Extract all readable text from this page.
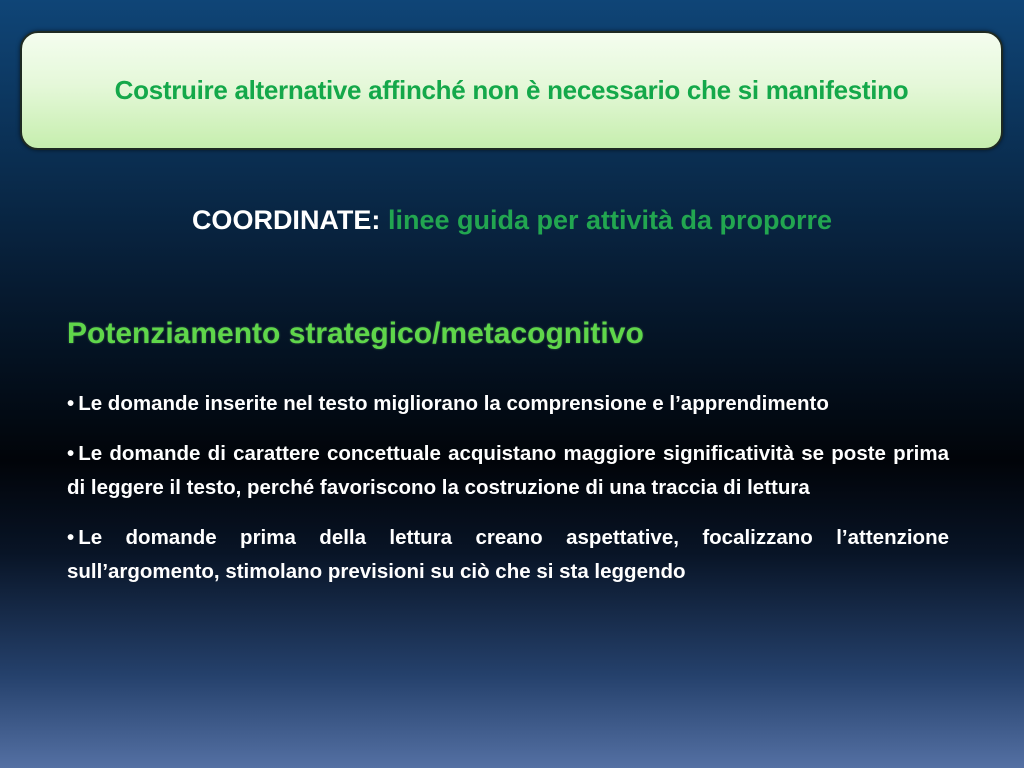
Costruire alternative affinché non è necessario che si manifestino
COORDINATE: linee guida per attività da proporre
Potenziamento strategico/metacognitivo
• Le domande inserite nel testo migliorano la comprensione e l’apprendimento
• Le domande di carattere concettuale acquistano maggiore significatività se poste prima di leggere il testo, perché favoriscono la costruzione di una traccia di lettura
• Le domande prima della lettura creano aspettative, focalizzano l’attenzione sull’argomento, stimolano previsioni su ciò che si sta leggendo
